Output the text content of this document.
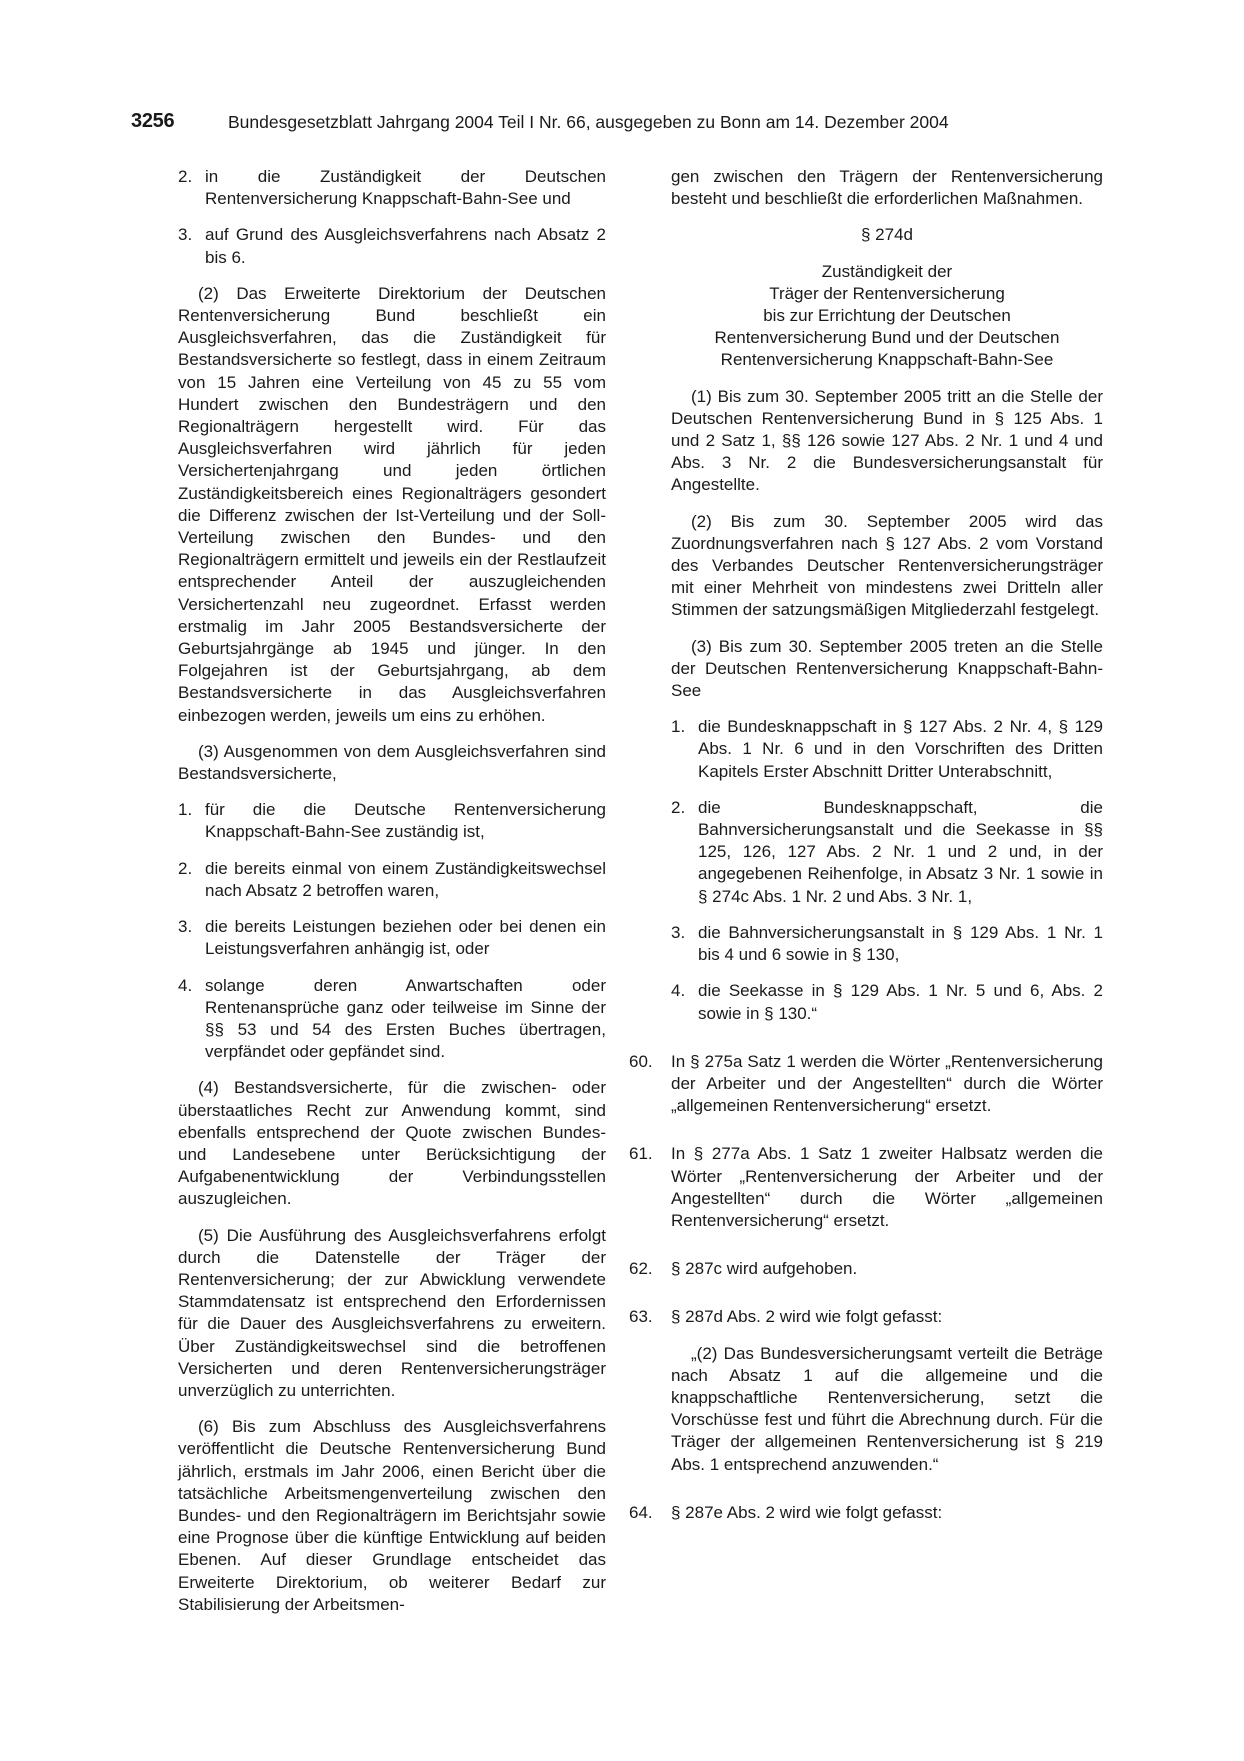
3256	Bundesgesetzblatt Jahrgang 2004 Teil I Nr. 66, ausgegeben zu Bonn am 14. Dezember 2004
2. in die Zuständigkeit der Deutschen Rentenversicherung Knappschaft-Bahn-See und
3. auf Grund des Ausgleichsverfahrens nach Absatz 2 bis 6.

(2) Das Erweiterte Direktorium der Deutschen Rentenversicherung Bund beschließt ein Ausgleichsverfahren, das die Zuständigkeit für Bestandsversicherte so festlegt, dass in einem Zeitraum von 15 Jahren eine Verteilung von 45 zu 55 vom Hundert zwischen den Bundesträgern und den Regionalträgern hergestellt wird. Für das Ausgleichsverfahren wird jährlich für jeden Versichertenjahrgang und jeden örtlichen Zuständigkeitsbereich eines Regionalträgers gesondert die Differenz zwischen der Ist-Verteilung und der Soll-Verteilung zwischen den Bundes- und den Regionalträgern ermittelt und jeweils ein der Restlaufzeit entsprechender Anteil der auszugleichenden Versichertenzahl neu zugeordnet. Erfasst werden erstmalig im Jahr 2005 Bestandsversicherte der Geburtsjahrgänge ab 1945 und jünger. In den Folgejahren ist der Geburtsjahrgang, ab dem Bestandsversicherte in das Ausgleichsverfahren einbezogen werden, jeweils um eins zu erhöhen.

(3) Ausgenommen von dem Ausgleichsverfahren sind Bestandsversicherte,

1. für die die Deutsche Rentenversicherung Knappschaft-Bahn-See zuständig ist,
2. die bereits einmal von einem Zuständigkeitswechsel nach Absatz 2 betroffen waren,
3. die bereits Leistungen beziehen oder bei denen ein Leistungsverfahren anhängig ist, oder
4. solange deren Anwartschaften oder Rentenansprüche ganz oder teilweise im Sinne der §§ 53 und 54 des Ersten Buches übertragen, verpfändet oder gepfändet sind.

(4) Bestandsversicherte, für die zwischen- oder überstaatliches Recht zur Anwendung kommt, sind ebenfalls entsprechend der Quote zwischen Bundes- und Landesebene unter Berücksichtigung der Aufgabenentwicklung der Verbindungsstellen auszugleichen.

(5) Die Ausführung des Ausgleichsverfahrens erfolgt durch die Datenstelle der Träger der Rentenversicherung; der zur Abwicklung verwendete Stammdatensatz ist entsprechend den Erfordernissen für die Dauer des Ausgleichsverfahrens zu erweitern. Über Zuständigkeitswechsel sind die betroffenen Versicherten und deren Rentenversicherungsträger unverzüglich zu unterrichten.

(6) Bis zum Abschluss des Ausgleichsverfahrens veröffentlicht die Deutsche Rentenversicherung Bund jährlich, erstmals im Jahr 2006, einen Bericht über die tatsächliche Arbeitsmengenverteilung zwischen den Bundes- und den Regionalträgern im Berichtsjahr sowie eine Prognose über die künftige Entwicklung auf beiden Ebenen. Auf dieser Grundlage entscheidet das Erweiterte Direktorium, ob weiterer Bedarf zur Stabilisierung der Arbeitsmen-

gen zwischen den Trägern der Rentenversicherung besteht und beschließt die erforderlichen Maßnahmen.

§ 274d

Zuständigkeit der
Träger der Rentenversicherung
bis zur Errichtung der Deutschen
Rentenversicherung Bund und der Deutschen
Rentenversicherung Knappschaft-Bahn-See

(1) Bis zum 30. September 2005 tritt an die Stelle der Deutschen Rentenversicherung Bund in § 125 Abs. 1 und 2 Satz 1, §§ 126 sowie 127 Abs. 2 Nr. 1 und 4 und Abs. 3 Nr. 2 die Bundesversicherungsanstalt für Angestellte.

(2) Bis zum 30. September 2005 wird das Zuordnungsverfahren nach § 127 Abs. 2 vom Vorstand des Verbandes Deutscher Rentenversicherungsträger mit einer Mehrheit von mindestens zwei Dritteln aller Stimmen der satzungsmäßigen Mitgliederzahl festgelegt.

(3) Bis zum 30. September 2005 treten an die Stelle der Deutschen Rentenversicherung Knappschaft-Bahn-See

1. die Bundesknappschaft in § 127 Abs. 2 Nr. 4, § 129 Abs. 1 Nr. 6 und in den Vorschriften des Dritten Kapitels Erster Abschnitt Dritter Unterabschnitt,
2. die Bundesknappschaft, die Bahnversicherungsanstalt und die Seekasse in §§ 125, 126, 127 Abs. 2 Nr. 1 und 2 und, in der angegebenen Reihenfolge, in Absatz 3 Nr. 1 sowie in § 274c Abs. 1 Nr. 2 und Abs. 3 Nr. 1,
3. die Bahnversicherungsanstalt in § 129 Abs. 1 Nr. 1 bis 4 und 6 sowie in § 130,
4. die Seekasse in § 129 Abs. 1 Nr. 5 und 6, Abs. 2 sowie in § 130.“
60. In § 275a Satz 1 werden die Wörter „Rentenversicherung der Arbeiter und der Angestellten“ durch die Wörter „allgemeinen Rentenversicherung“ ersetzt.
61. In § 277a Abs. 1 Satz 1 zweiter Halbsatz werden die Wörter „Rentenversicherung der Arbeiter und der Angestellten“ durch die Wörter „allgemeinen Rentenversicherung“ ersetzt.
62. § 287c wird aufgehoben.
63. § 287d Abs. 2 wird wie folgt gefasst:

„(2) Das Bundesversicherungsamt verteilt die Beträge nach Absatz 1 auf die allgemeine und die knappschaftliche Rentenversicherung, setzt die Vorschüsse fest und führt die Abrechnung durch. Für die Träger der allgemeinen Rentenversicherung ist § 219 Abs. 1 entsprechend anzuwenden.“

64. § 287e Abs. 2 wird wie folgt gefasst:
